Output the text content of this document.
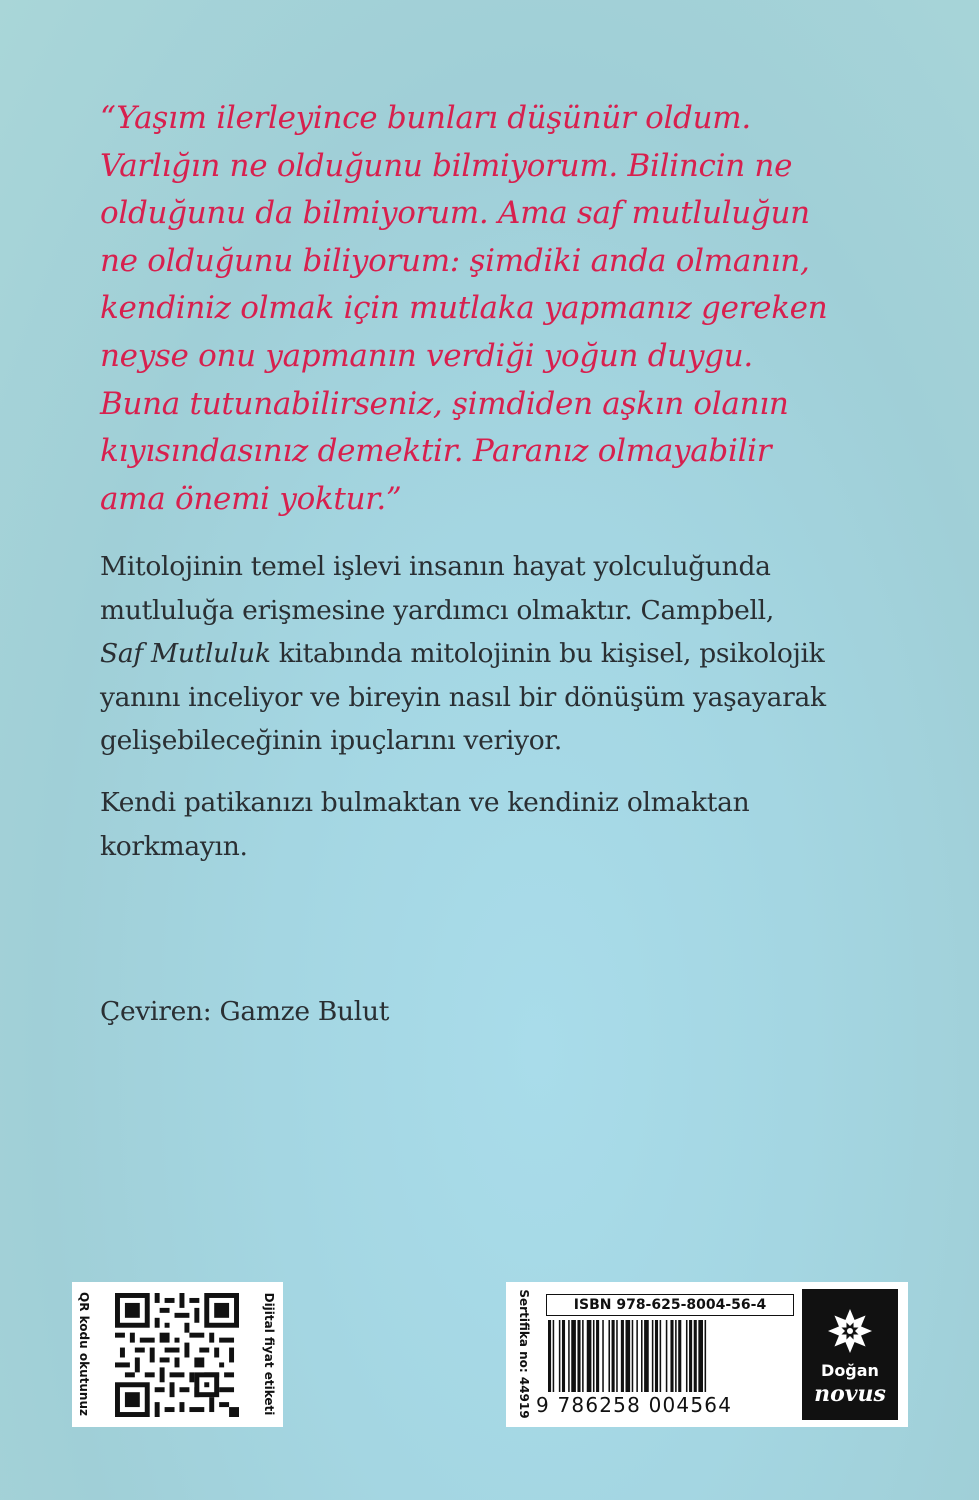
“Yaşım ilerleyince bunları düşünür oldum.
Varlığın ne olduğunu bilmiyorum. Bilincin ne
olduğunu da bilmiyorum. Ama saf mutluluğun
ne olduğunu biliyorum: şimdiki anda olmanın,
kendiniz olmak için mutlaka yapmanız gereken
neyse onu yapmanın verdiği yoğun duygu.
Buna tutunabilirseniz, şimdiden aşkın olanın
kıyısındasınız demektir. Paranız olmayabilir
ama önemi yoktur.”
Mitolojinin temel işlevi insanın hayat yolculuğunda
mutluluğa erişmesine yardımcı olmaktır. Campbell,
Saf Mutluluk kitabında mitolojinin bu kişisel, psikolojik
yanını inceliyor ve bireyin nasıl bir dönüşüm yaşayarak
gelişebileceğinin ipuçlarını veriyor.
Kendi patikanızı bulmaktan ve kendiniz olmaktan
korkmayın.
Çeviren: Gamze Bulut
QR kodu okutunuz	Dijital fiyat etiketi	Sertifika no: 44919	ISBN 978-625-8004-56-4
9 786258 004564
Doğan
novus
